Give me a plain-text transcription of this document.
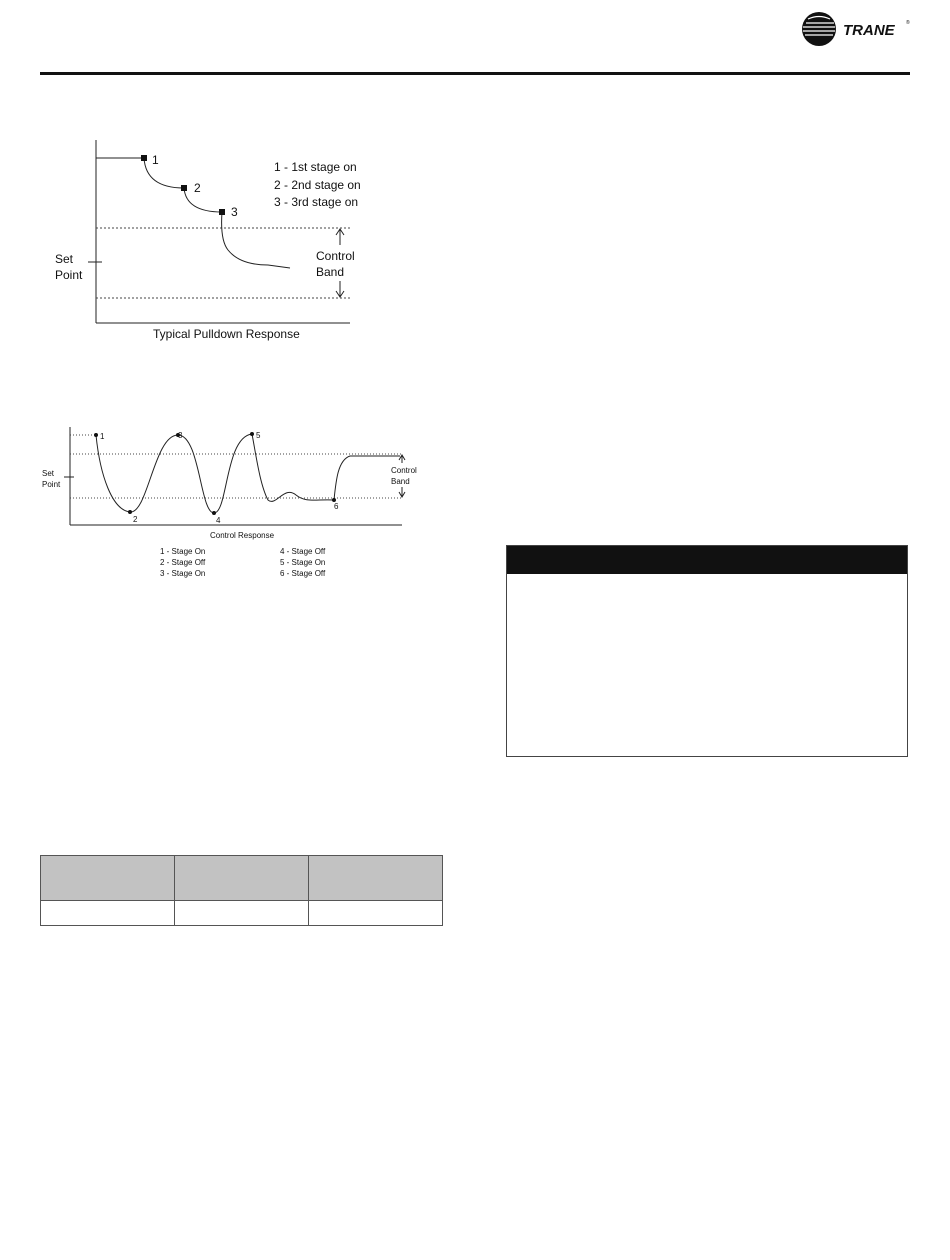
TRANE ®
Set
Point
1
2
3
1 - 1st stage on
2 - 2nd stage on
3 - 3rd stage on
Control
Band
Typical Pulldown Response
Set
Point
1
2
3
4
5
6
Control
Band
Control Response
1 - Stage On
2 - Stage Off
3 - Stage On
4 - Stage Off
5 - Stage On
6 - Stage Off
